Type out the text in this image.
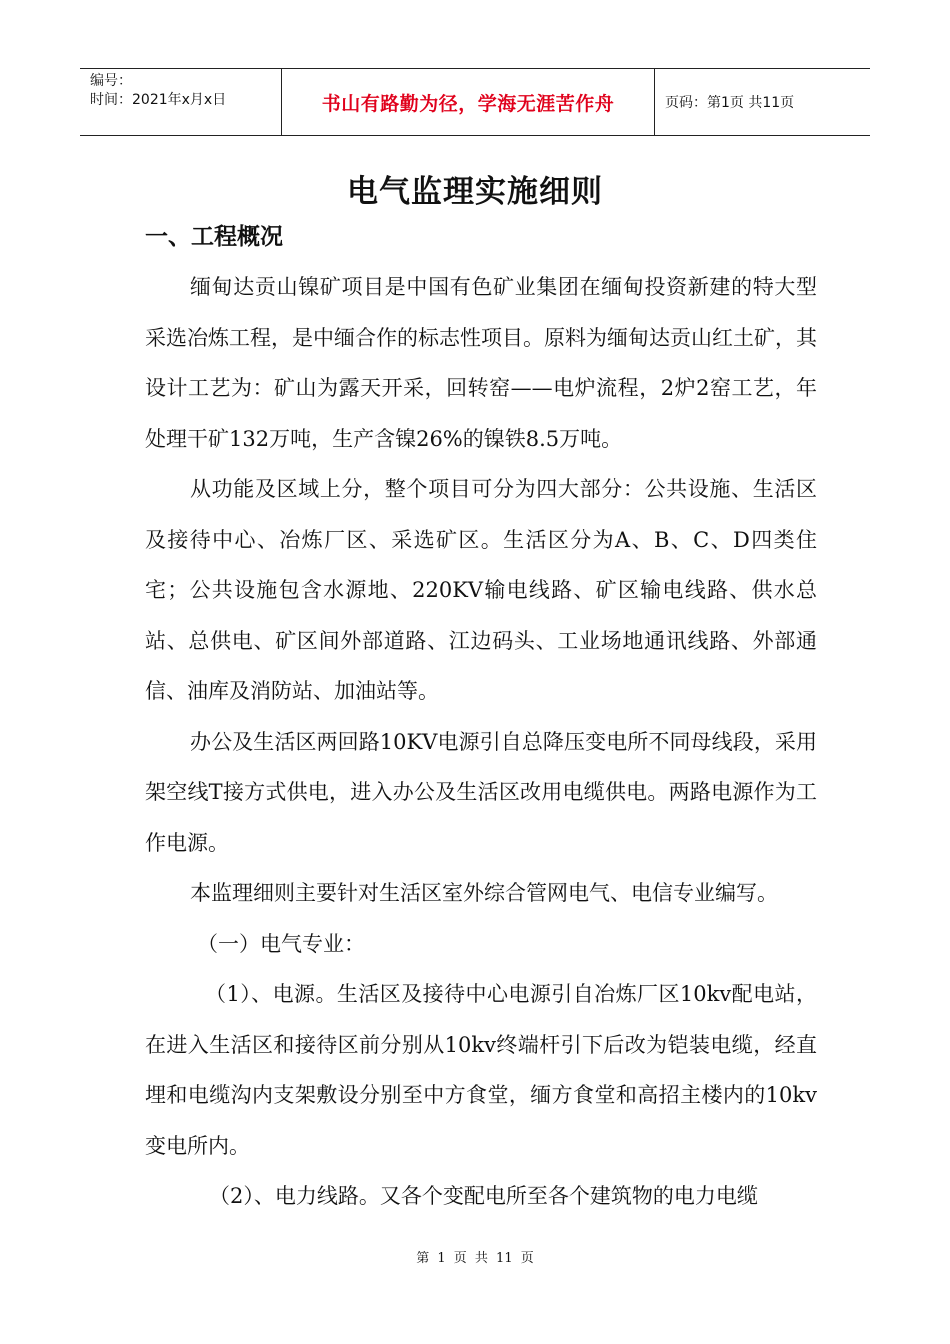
编号：
时间：2021年x月x日	书山有路勤为径，学海无涯苦作舟	页码：第1页 共11页
电气监理实施细则
一、工程概况

缅甸达贡山镍矿项目是中国有色矿业集团在缅甸投资新建的特大型采选冶炼工程，是中缅合作的标志性项目。原料为缅甸达贡山红土矿，其设计工艺为：矿山为露天开采，回转窑——电炉流程，2炉2窑工艺，年处理干矿132万吨，生产含镍26%的镍铁8.5万吨。

从功能及区域上分，整个项目可分为四大部分：公共设施、生活区及接待中心、冶炼厂区、采选矿区。生活区分为A、B、C、D四类住宅；公共设施包含水源地、220KV输电线路、矿区输电线路、供水总站、总供电、矿区间外部道路、江边码头、工业场地通讯线路、外部通信、油库及消防站、加油站等。

办公及生活区两回路10KV电源引自总降压变电所不同母线段，采用架空线T接方式供电，进入办公及生活区改用电缆供电。两路电源作为工作电源。

本监理细则主要针对生活区室外综合管网电气、电信专业编写。

（一）电气专业：

（1）、电源。生活区及接待中心电源引自冶炼厂区10kv配电站，在进入生活区和接待区前分别从10kv终端杆引下后改为铠装电缆，经直埋和电缆沟内支架敷设分别至中方食堂，缅方食堂和高招主楼内的10kv变电所内。

（2）、电力线路。又各个变配电所至各个建筑物的电力电缆

第 1 页 共 11 页
